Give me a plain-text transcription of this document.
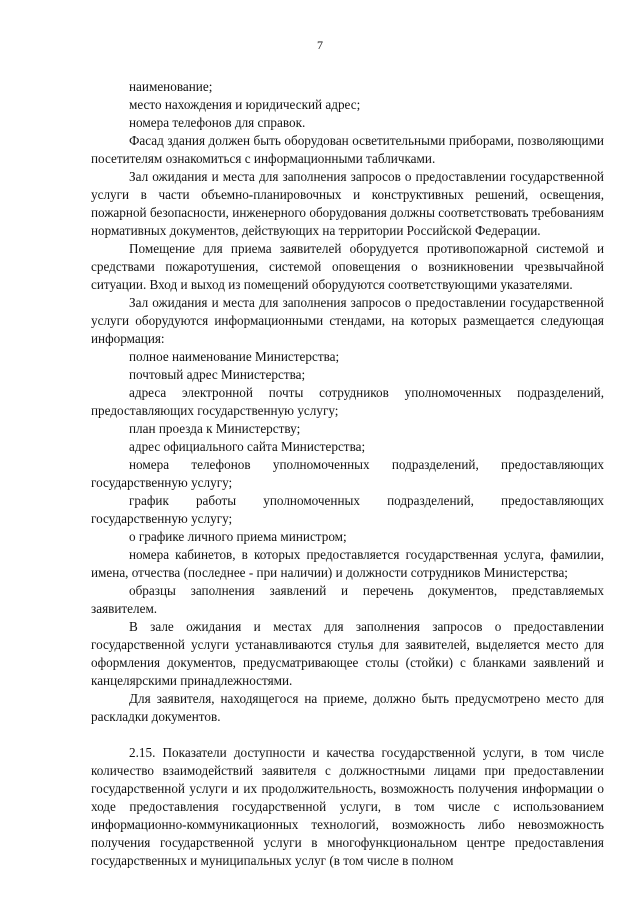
7

наименование;

место нахождения и юридический адрес;

номера телефонов для справок.

Фасад здания должен быть оборудован осветительными приборами, позволяющими посетителям ознакомиться с информационными табличками.

Зал ожидания и места для заполнения запросов о предоставлении государственной услуги в части объемно-планировочных и конструктивных решений, освещения, пожарной безопасности, инженерного оборудования должны соответствовать требованиям нормативных документов, действующих на территории Российской Федерации.

Помещение для приема заявителей оборудуется противопожарной системой и средствами пожаротушения, системой оповещения о возникновении чрезвычайной ситуации. Вход и выход из помещений оборудуются соответствующими указателями.

Зал ожидания и места для заполнения запросов о предоставлении государственной услуги оборудуются информационными стендами, на которых размещается следующая информация:

полное наименование Министерства;

почтовый адрес Министерства;

адреса электронной почты сотрудников уполномоченных подразделений, предоставляющих государственную услугу;

план проезда к Министерству;

адрес официального сайта Министерства;

номера телефонов уполномоченных подразделений, предоставляющих государственную услугу;

график работы уполномоченных подразделений, предоставляющих государственную услугу;

о графике личного приема министром;

номера кабинетов, в которых предоставляется государственная услуга, фамилии, имена, отчества (последнее - при наличии) и должности сотрудников Министерства;

образцы заполнения заявлений и перечень документов, представляемых заявителем.

В зале ожидания и местах для заполнения запросов о предоставлении государственной услуги устанавливаются стулья для заявителей, выделяется место для оформления документов, предусматривающее столы (стойки) с бланками заявлений и канцелярскими принадлежностями.

Для заявителя, находящегося на приеме, должно быть предусмотрено место для раскладки документов.

2.15. Показатели доступности и качества государственной услуги, в том числе количество взаимодействий заявителя с должностными лицами при предоставлении государственной услуги и их продолжительность, возможность получения информации о ходе предоставления государственной услуги, в том числе с использованием информационно-коммуникационных технологий, возможность либо невозможность получения государственной услуги в многофункциональном центре предоставления государственных и муниципальных услуг (в том числе в полном
